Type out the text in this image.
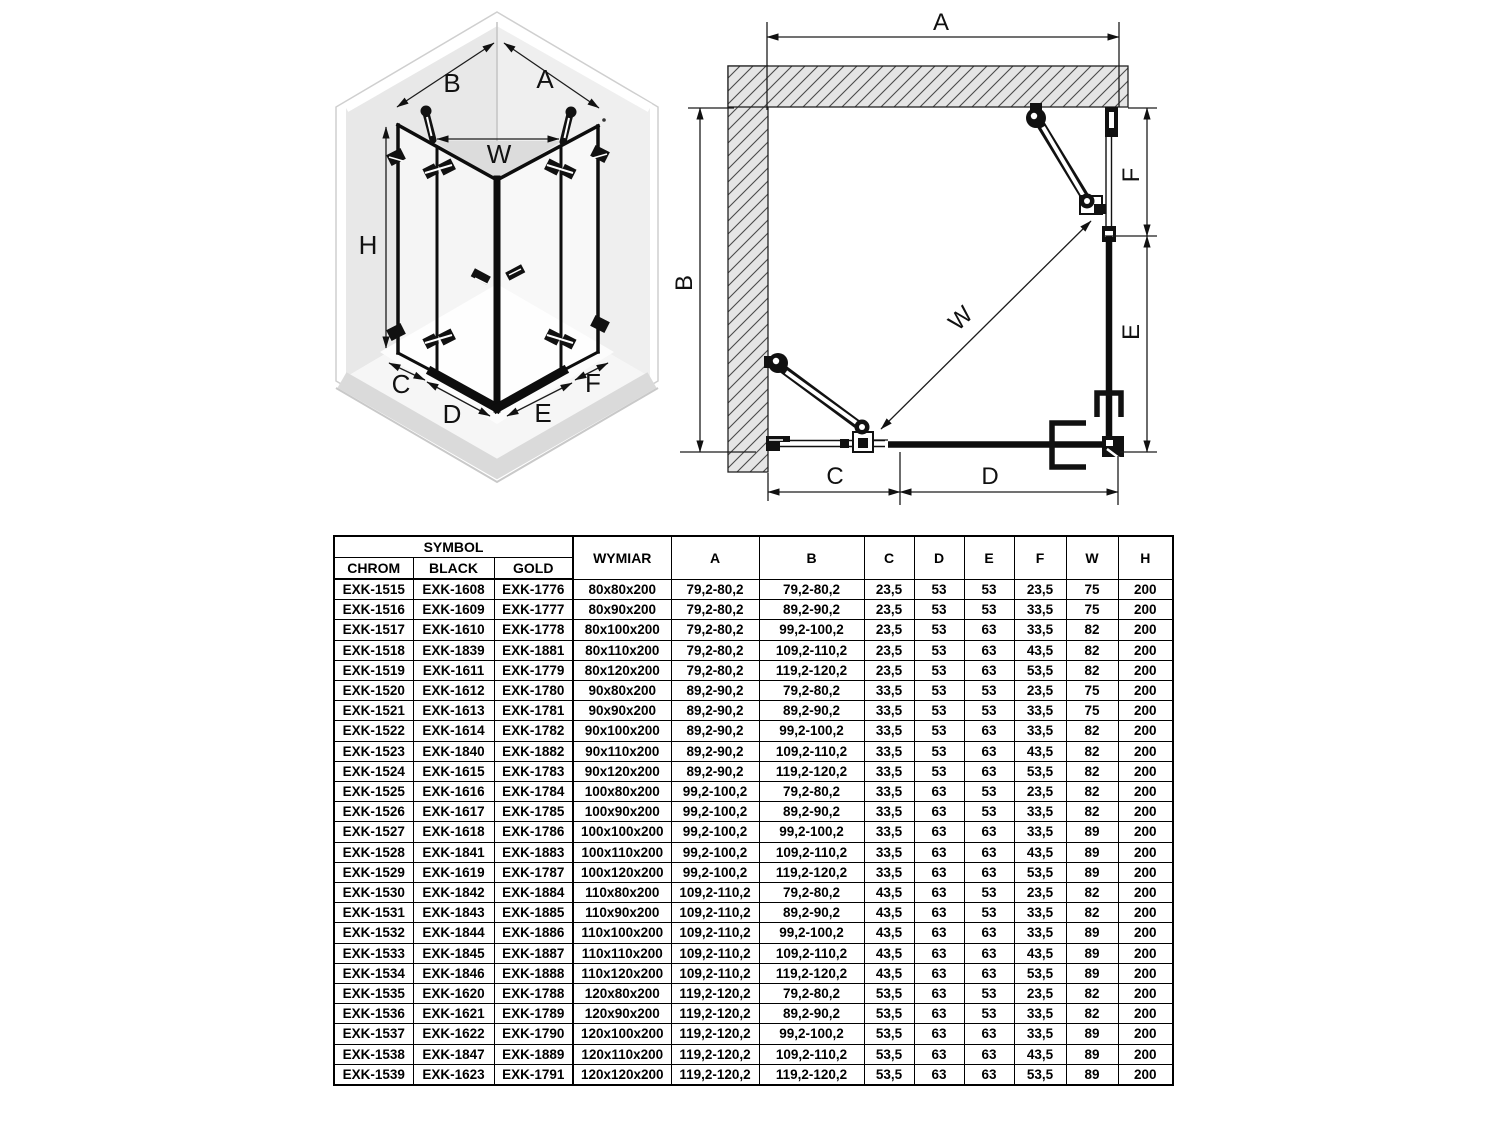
B	A
W
H
C
D	E
F
A
B
F
E
C	D
W
SYMBOL			WYMIAR	A	B	C	D	E	F	W	H
CHROM	BLACK	GOLD									
EXK-1515	EXK-1608	EXK-1776	80x80x200	79,2-80,2	79,2-80,2	23,5	53	53	23,5	75	200
EXK-1516	EXK-1609	EXK-1777	80x90x200	79,2-80,2	89,2-90,2	23,5	53	53	33,5	75	200
EXK-1517	EXK-1610	EXK-1778	80x100x200	79,2-80,2	99,2-100,2	23,5	53	63	33,5	82	200
EXK-1518	EXK-1839	EXK-1881	80x110x200	79,2-80,2	109,2-110,2	23,5	53	63	43,5	82	200
EXK-1519	EXK-1611	EXK-1779	80x120x200	79,2-80,2	119,2-120,2	23,5	53	63	53,5	82	200
EXK-1520	EXK-1612	EXK-1780	90x80x200	89,2-90,2	79,2-80,2	33,5	53	53	23,5	75	200
EXK-1521	EXK-1613	EXK-1781	90x90x200	89,2-90,2	89,2-90,2	33,5	53	53	33,5	75	200
EXK-1522	EXK-1614	EXK-1782	90x100x200	89,2-90,2	99,2-100,2	33,5	53	63	33,5	82	200
EXK-1523	EXK-1840	EXK-1882	90x110x200	89,2-90,2	109,2-110,2	33,5	53	63	43,5	82	200
EXK-1524	EXK-1615	EXK-1783	90x120x200	89,2-90,2	119,2-120,2	33,5	53	63	53,5	82	200
EXK-1525	EXK-1616	EXK-1784	100x80x200	99,2-100,2	79,2-80,2	33,5	63	53	23,5	82	200
EXK-1526	EXK-1617	EXK-1785	100x90x200	99,2-100,2	89,2-90,2	33,5	63	53	33,5	82	200
EXK-1527	EXK-1618	EXK-1786	100x100x200	99,2-100,2	99,2-100,2	33,5	63	63	33,5	89	200
EXK-1528	EXK-1841	EXK-1883	100x110x200	99,2-100,2	109,2-110,2	33,5	63	63	43,5	89	200
EXK-1529	EXK-1619	EXK-1787	100x120x200	99,2-100,2	119,2-120,2	33,5	63	63	53,5	89	200
EXK-1530	EXK-1842	EXK-1884	110x80x200	109,2-110,2	79,2-80,2	43,5	63	53	23,5	82	200
EXK-1531	EXK-1843	EXK-1885	110x90x200	109,2-110,2	89,2-90,2	43,5	63	53	33,5	82	200
EXK-1532	EXK-1844	EXK-1886	110x100x200	109,2-110,2	99,2-100,2	43,5	63	63	33,5	89	200
EXK-1533	EXK-1845	EXK-1887	110x110x200	109,2-110,2	109,2-110,2	43,5	63	63	43,5	89	200
EXK-1534	EXK-1846	EXK-1888	110x120x200	109,2-110,2	119,2-120,2	43,5	63	63	53,5	89	200
EXK-1535	EXK-1620	EXK-1788	120x80x200	119,2-120,2	79,2-80,2	53,5	63	53	23,5	82	200
EXK-1536	EXK-1621	EXK-1789	120x90x200	119,2-120,2	89,2-90,2	53,5	63	53	33,5	82	200
EXK-1537	EXK-1622	EXK-1790	120x100x200	119,2-120,2	99,2-100,2	53,5	63	63	33,5	89	200
EXK-1538	EXK-1847	EXK-1889	120x110x200	119,2-120,2	109,2-110,2	53,5	63	63	43,5	89	200
EXK-1539	EXK-1623	EXK-1791	120x120x200	119,2-120,2	119,2-120,2	53,5	63	63	53,5	89	200
